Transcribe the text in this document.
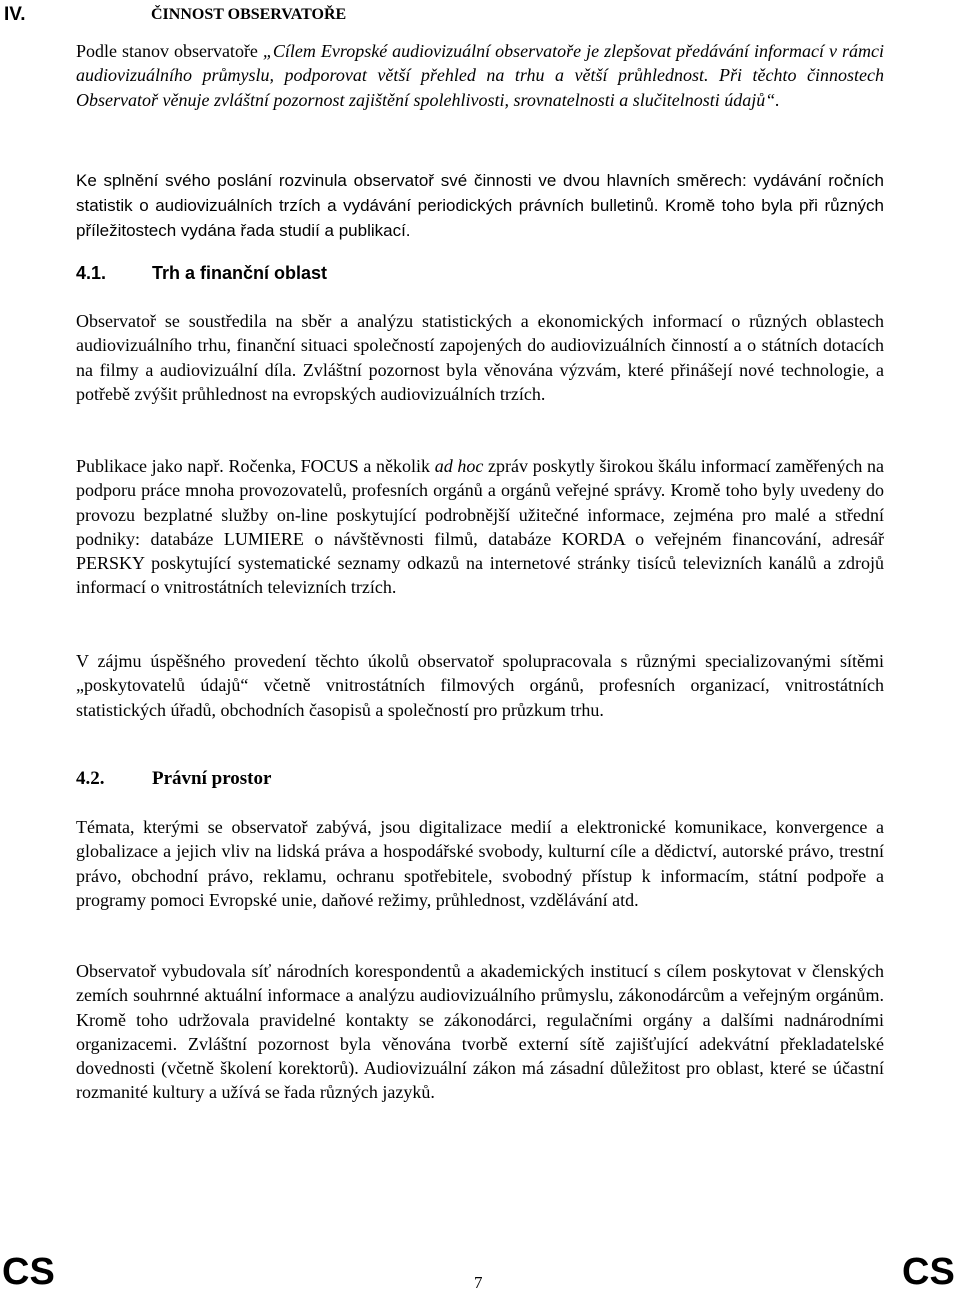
IV.	ČINNOST OBSERVATOŘE

Podle stanov observatoře „Cílem Evropské audiovizuální observatoře je zlepšovat předávání informací v rámci audiovizuálního průmyslu, podporovat větší přehled na trhu a větší průhlednost. Při těchto činnostech Observatoř věnuje zvláštní pozornost zajištění spolehlivosti, srovnatelnosti a slučitelnosti údajů“.

Ke splnění svého poslání rozvinula observatoř své činnosti ve dvou hlavních směrech: vydávání ročních statistik o audiovizuálních trzích a vydávání periodických právních bulletinů. Kromě toho byla při různých příležitostech vydána řada studií a publikací.

4.1.	Trh a finanční oblast

Observatoř se soustředila na sběr a analýzu statistických a ekonomických informací o různých oblastech audiovizuálního trhu, finanční situaci společností zapojených do audiovizuálních činností a o státních dotacích na filmy a audiovizuální díla. Zvláštní pozornost byla věnována výzvám, které přinášejí nové technologie, a potřebě zvýšit průhlednost na evropských audiovizuálních trzích.

Publikace jako např. Ročenka, FOCUS a několik ad hoc zpráv poskytly širokou škálu informací zaměřených na podporu práce mnoha provozovatelů, profesních orgánů a orgánů veřejné správy. Kromě toho byly uvedeny do provozu bezplatné služby on-line poskytující podrobnější užitečné informace, zejména pro malé a střední podniky: databáze LUMIERE o návštěvnosti filmů, databáze KORDA o veřejném financování, adresář PERSKY poskytující systematické seznamy odkazů na internetové stránky tisíců televizních kanálů a zdrojů informací o vnitrostátních televizních trzích.

V zájmu úspěšného provedení těchto úkolů observatoř spolupracovala s různými specializovanými sítěmi „poskytovatelů údajů“ včetně vnitrostátních filmových orgánů, profesních organizací, vnitrostátních statistických úřadů, obchodních časopisů a společností pro průzkum trhu.

4.2.	Právní prostor

Témata, kterými se observatoř zabývá, jsou digitalizace medií a elektronické komunikace, konvergence a globalizace a jejich vliv na lidská práva a hospodářské svobody, kulturní cíle a dědictví, autorské právo, trestní právo, obchodní právo, reklamu, ochranu spotřebitele, svobodný přístup k informacím, státní podpoře a programy pomoci Evropské unie, daňové režimy, průhlednost, vzdělávání atd.

Observatoř vybudovala síť národních korespondentů a akademických institucí s cílem poskytovat v členských zemích souhrnné aktuální informace a analýzu audiovizuálního průmyslu, zákonodárcům a veřejným orgánům. Kromě toho udržovala pravidelné kontakty se zákonodárci, regulačními orgány a dalšími nadnárodními organizacemi. Zvláštní pozornost byla věnována tvorbě externí sítě zajišťující adekvátní překladatelské dovednosti (včetně školení korektorů). Audiovizuální zákon má zásadní důležitost pro oblast, které se účastní rozmanité kultury a užívá se řada různých jazyků.

CS	7	CS
